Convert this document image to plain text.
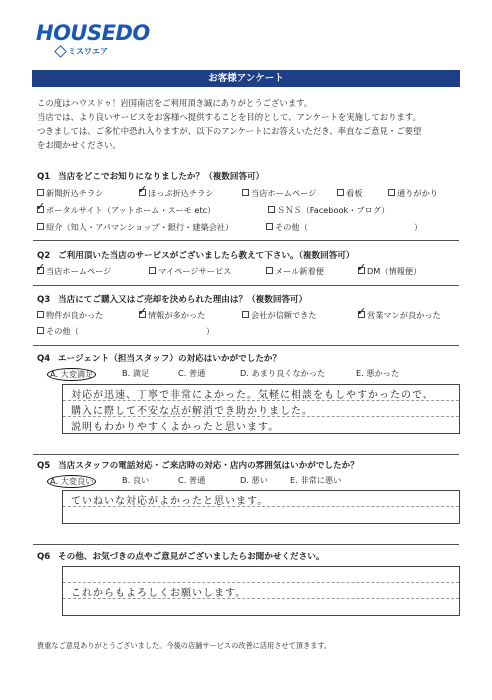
HOUSEDO
ミスワエア
お客様アンケート
この度はハウスドゥ！岩国南店をご利用頂き誠にありがとうございます。
当店では、より良いサービスをお客様へ提供することを目的として、アンケートを実施しております。
つきましては、ご多忙中恐れ入りますが、以下のアンケートにお答えいただき、率直なご意見・ご要望
をお聞かせください。
Q1 当店をどこでお知りになりましたか？（複数回答可）
新聞折込チラシ ✓	ほっぷ折込チラシ	当店ホームページ	看板	通りがかり
✓ポータルサイト（アットホーム・スーモ etc）	ＳＮＳ（Facebook・ブログ）
紹介（知人・アパマンショップ・銀行・建築会社）	その他（	）
Q2 ご利用頂いた当店のサービスがございましたら教えて下さい。（複数回答可）
✓当店ホームページ	マイページサービス	メール新着便 ✓	DM（情報便）
Q3 当店にてご購入又はご売却を決められた理由は？（複数回答可）
物件が良かった ✓	情報が多かった	会社が信頼できた ✓	営業マンが良かった
その他（	）
Q4 エージェント（担当スタッフ）の対応はいかがでしたか？
A. 大変満足	B. 満足	C. 普通	D. あまり良くなかった	E. 悪かった
対応が迅速、丁寧で非常によかった。気軽に相談をもしやすかったので、
購入に際して不安な点が解消でき助かりました。
説明もわかりやすくよかったと思います。
Q5 当店スタッフの電話対応・ご来店時の対応・店内の雰囲気はいかがでしたか？
A. 大変良い	B. 良い	C. 普通	D. 悪い	E. 非常に悪い
ていねいな対応がよかったと思います。
Q6 その他、お気づきの点やご意見がございましたらお聞かせください。
これからもよろしくお願いします。
貴重なご意見ありがとうございました。今後の店舗サービスの改善に活用させて頂きます。
